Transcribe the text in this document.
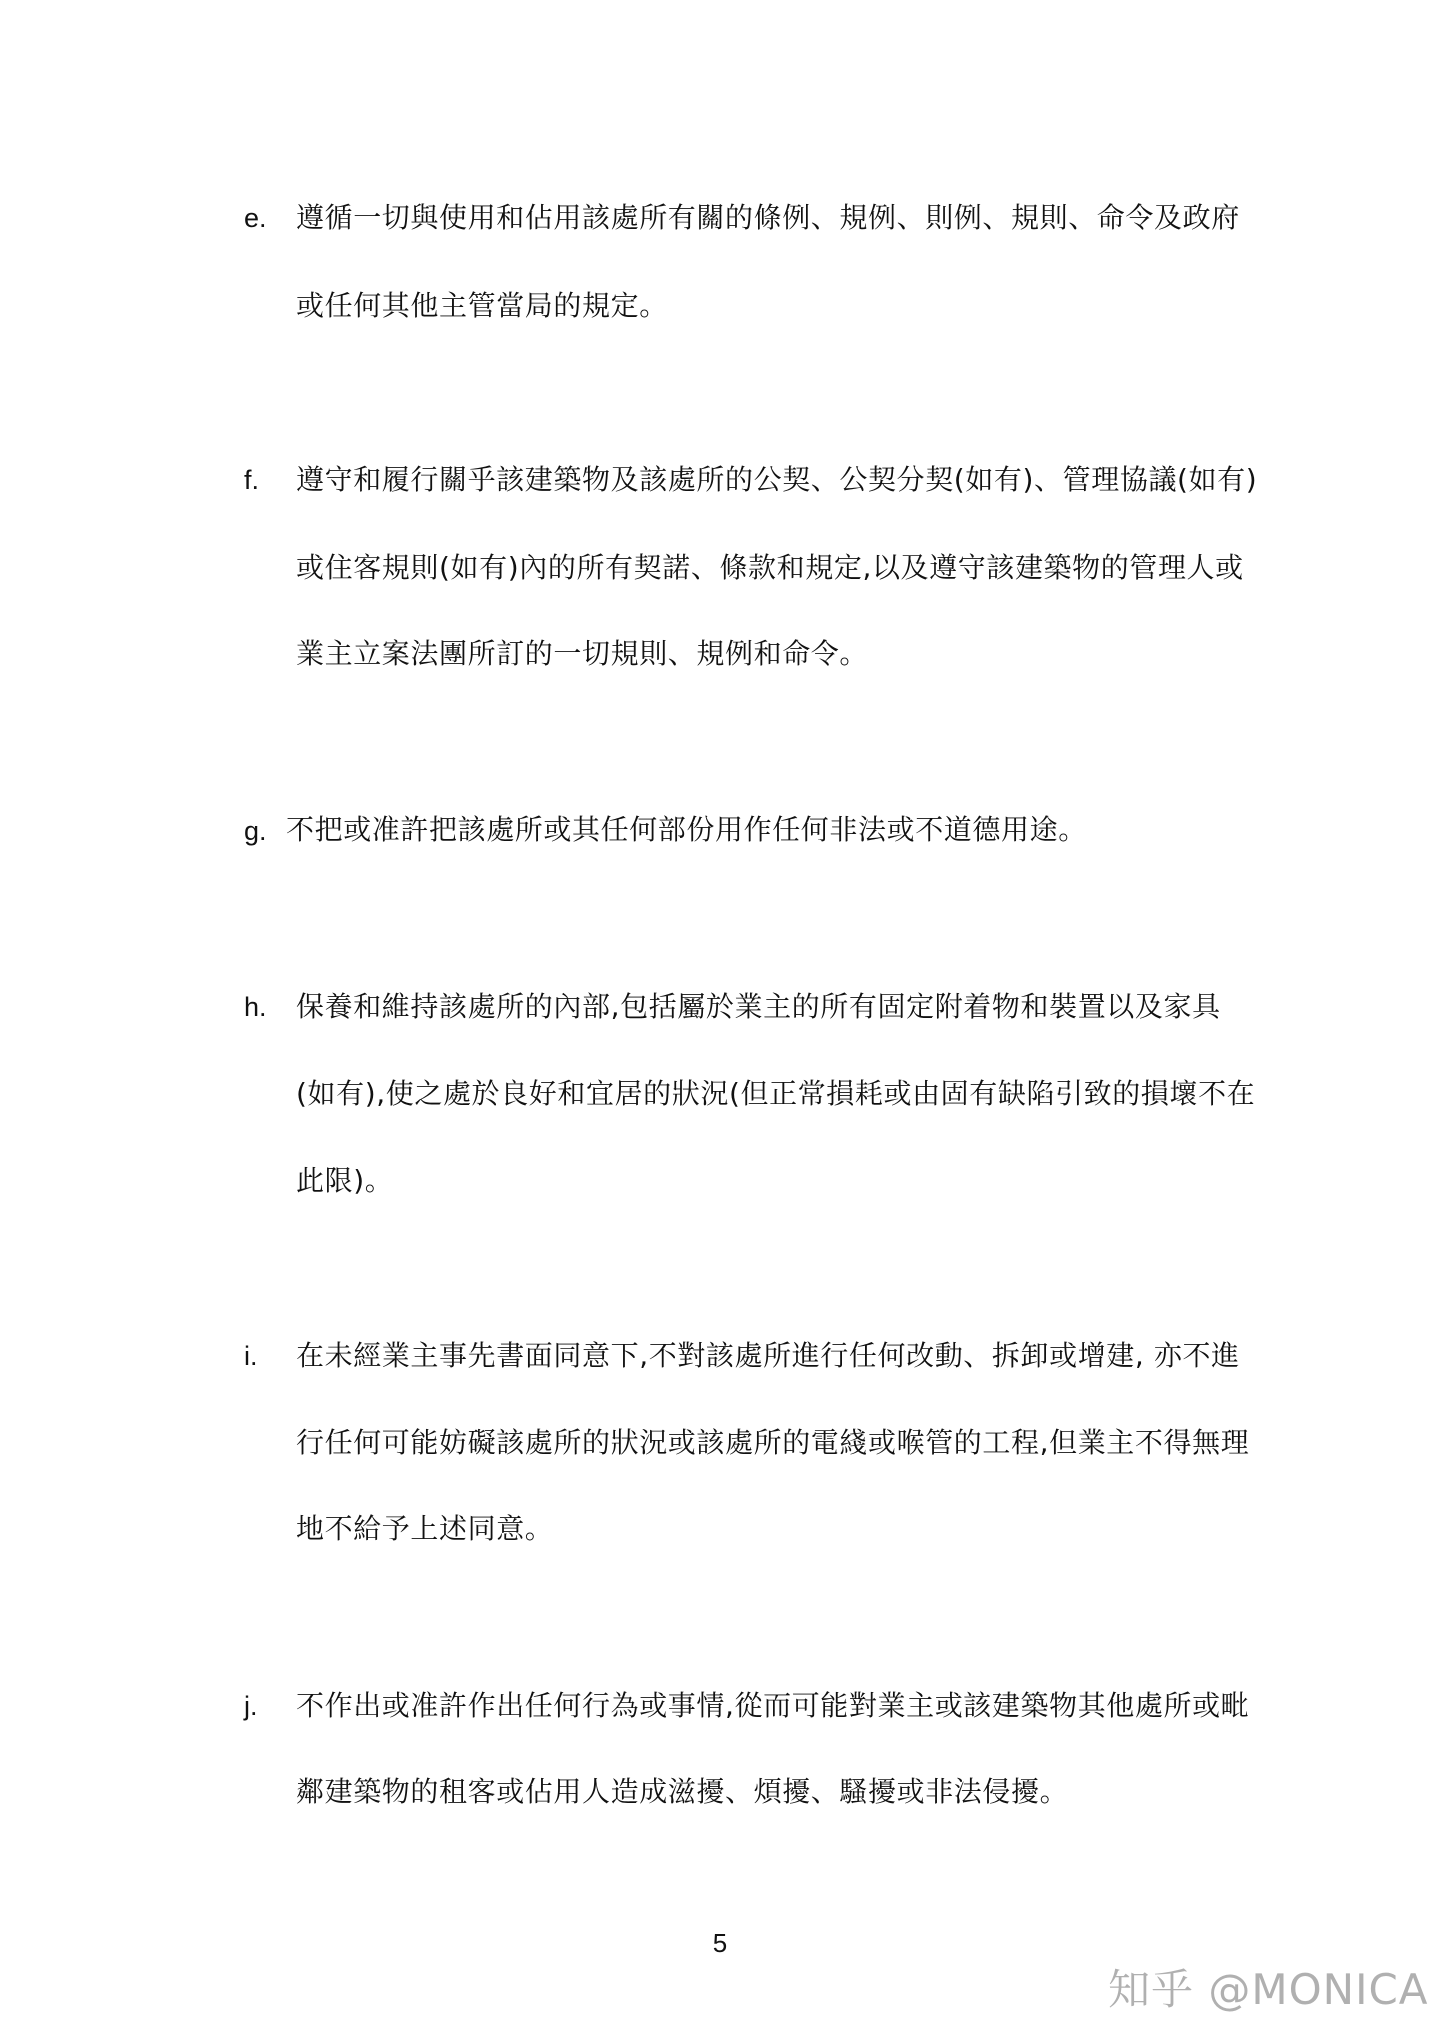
e. 遵循一切與使用和佔用該處所有關的條例、規例、則例、規則、命令及政府
或任何其他主管當局的規定。
f. 遵守和履行關乎該建築物及該處所的公契、公契分契(如有)、管理協議(如有)
或住客規則(如有)內的所有契諾、條款和規定,以及遵守該建築物的管理人或
業主立案法團所訂的一切規則、規例和命令。
g. 不把或准許把該處所或其任何部份用作任何非法或不道德用途。
h. 保養和維持該處所的內部,包括屬於業主的所有固定附着物和裝置以及家具
(如有),使之處於良好和宜居的狀況(但正常損耗或由固有缺陷引致的損壞不在
此限)。
i. 在未經業主事先書面同意下,不對該處所進行任何改動、拆卸或增建, 亦不進
行任何可能妨礙該處所的狀況或該處所的電綫或喉管的工程,但業主不得無理
地不給予上述同意。
j. 不作出或准許作出任何行為或事情,從而可能對業主或該建築物其他處所或毗
鄰建築物的租客或佔用人造成滋擾、煩擾、騷擾或非法侵擾。
5
知乎 @MONICA
